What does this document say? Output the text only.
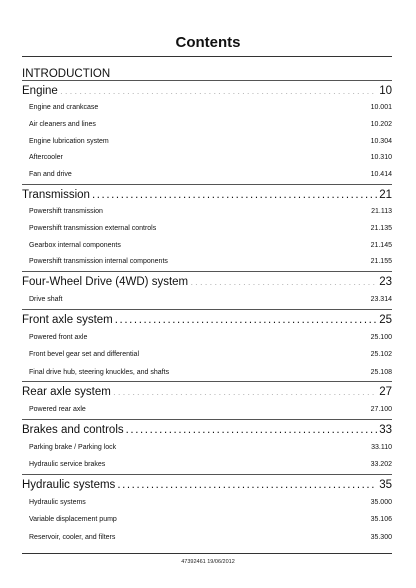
Contents
INTRODUCTION
Engine . . .	10
Engine and crankcase . . .	10.001
Air cleaners and lines . . .	10.202
Engine lubrication system . . .	10.304
Aftercooler . . .	10.310
Fan and drive . . .	10.414
Transmission . . .	21
Powershift transmission . . .	21.113
Powershift transmission external controls . . .	21.135
Gearbox internal components . . .	21.145
Powershift transmission internal components . . .	21.155
Four-Wheel Drive (4WD) system . . .	23
Drive shaft . . .	23.314
Front axle system . . .	25
Powered front axle . . .	25.100
Front bevel gear set and differential . . .	25.102
Final drive hub, steering knuckles, and shafts . . .	25.108
Rear axle system . . .	27
Powered rear axle . . .	27.100
Brakes and controls . . .	33
Parking brake / Parking lock . . .	33.110
Hydraulic service brakes . . .	33.202
Hydraulic systems . . .	35
Hydraulic systems . . .	35.000
Variable displacement pump . . .	35.106
Reservoir, cooler, and filters . . .	35.300
47392461 19/06/2012
